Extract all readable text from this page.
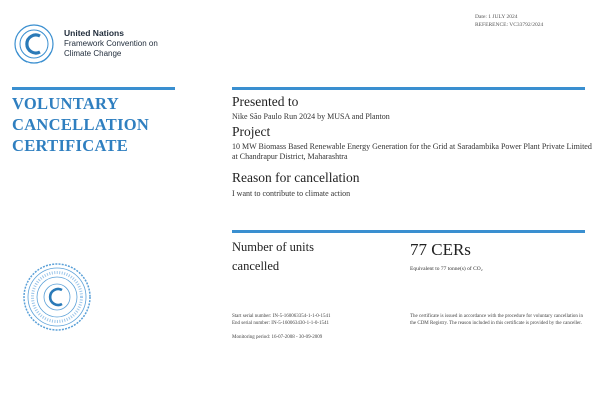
United Nations
Framework Convention on
Climate Change
Date: 1 JULY 2024
REFERENCE: VC33792/2024
VOLUNTARY
CANCELLATION
CERTIFICATE
Presented to
Nike São Paulo Run 2024 by MUSA and Planton
Project
10 MW Biomass Based Renewable Energy Generation for the Grid at Saradambika Power Plant Private Limited at Chandrapur District, Maharashtra
Reason for cancellation
I want to contribute to climate action
Number of units
cancelled
77 CERs
Equivalent to 77 tonne(s) of CO₂
Start serial number: IN-5-160063354-1-1-0-1541
End serial number: IN-5-160063430-1-1-0-1541
Monitoring period: 16-07-2008 - 30-09-2009
The certificate is issued in accordance with the procedure for voluntary cancellation in the CDM Registry. The reason included in this certificate is provided by the canceller.
